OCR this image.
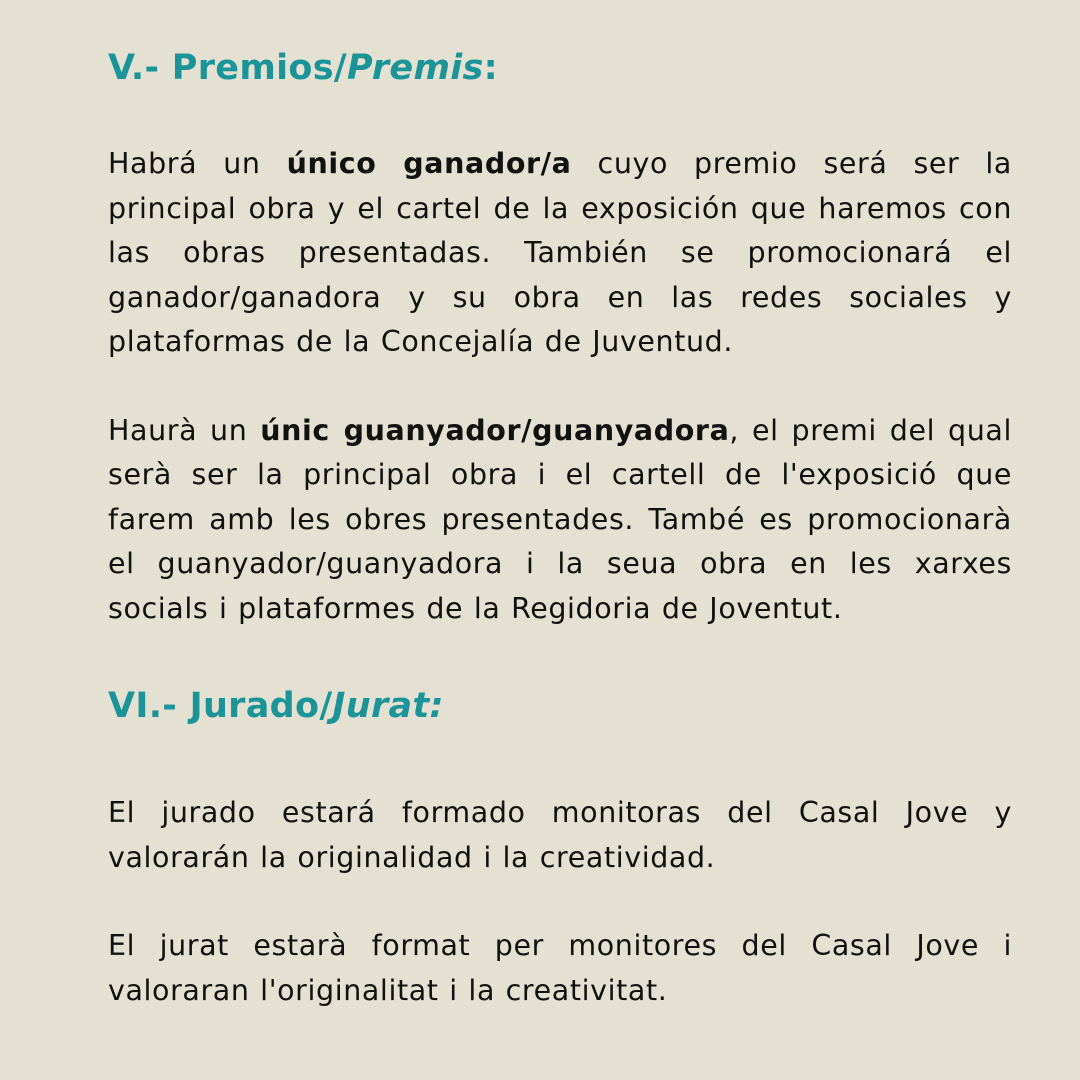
V.- Premios/Premis:

Habrá un único ganador/a cuyo premio será ser la principal obra y el cartel de la exposición que haremos con las obras presentadas. También se promocionará el ganador/ganadora y su obra en las redes sociales y plataformas de la Concejalía de Juventud.

Haurà un únic guanyador/guanyadora, el premi del qual serà ser la principal obra i el cartell de l'exposició que farem amb les obres presentades. També es promocionarà el guanyador/guanyadora i la seua obra en les xarxes socials i plataformes de la Regidoria de Joventut.

VI.- Jurado/Jurat:

El jurado estará formado monitoras del Casal Jove y valorarán la originalidad i la creatividad.

El jurat estarà format per monitores del Casal Jove i valoraran l'originalitat i la creativitat.
